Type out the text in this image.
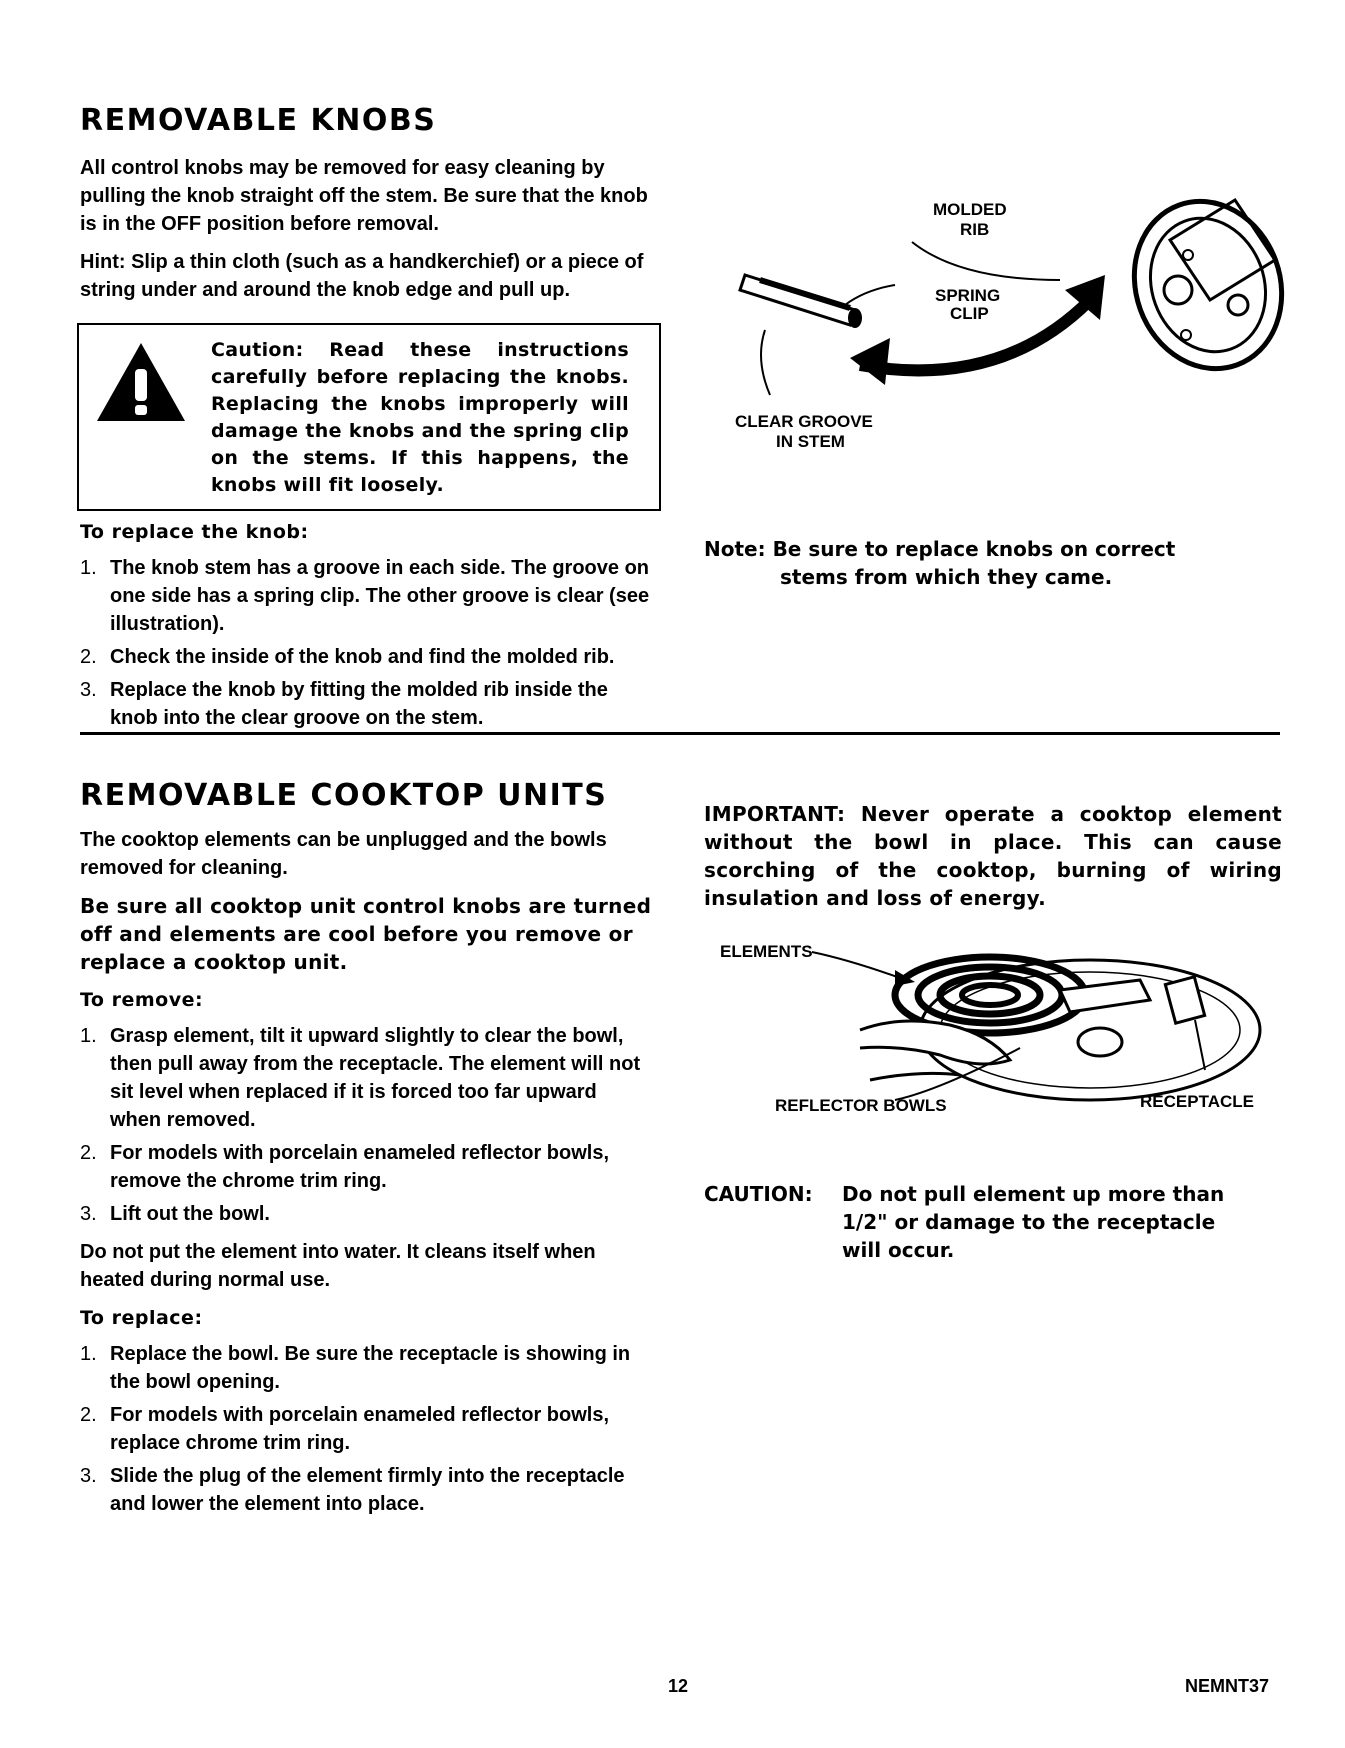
REMOVABLE KNOBS

All control knobs may be removed for easy cleaning by pulling the knob straight off the stem. Be sure that the knob is in the OFF position before removal.

Hint: Slip a thin cloth (such as a handkerchief) or a piece of string under and around the knob edge and pull up.

Caution: Read these instructions carefully before replacing the knobs. Replacing the knobs improperly will damage the knobs and the spring clip on the stems. If this happens, the knobs will fit loosely.
To replace the knob:
1. The knob stem has a groove in each side. The groove on one side has a spring clip. The other groove is clear (see illustration).
2. Check the inside of the knob and find the molded rib.
3. Replace the knob by fitting the molded rib inside the knob into the clear groove on the stem.
MOLDED
RIB
SPRING
CLIP
CLEAR GROOVE
IN STEM
Note: Be sure to replace knobs on correct
stems from which they came.
REMOVABLE COOKTOP UNITS

The cooktop elements can be unplugged and the bowls removed for cleaning.

Be sure all cooktop unit control knobs are turned off and elements are cool before you remove or replace a cooktop unit.

To remove:
1. Grasp element, tilt it upward slightly to clear the bowl, then pull away from the receptacle. The element will not sit level when replaced if it is forced too far upward when removed.
2. For models with porcelain enameled reflector bowls, remove the chrome trim ring.
3. Lift out the bowl.

Do not put the element into water. It cleans itself when heated during normal use.

To replace:
1. Replace the bowl. Be sure the receptacle is showing in the bowl opening.
2. For models with porcelain enameled reflector bowls, replace chrome trim ring.
3. Slide the plug of the element firmly into the receptacle and lower the element into place.
IMPORTANT: Never operate a cooktop element without the bowl in place. This can cause scorching of the cooktop, burning of wiring insulation and loss of energy.
ELEMENTS
REFLECTOR BOWLS	RECEPTACLE
CAUTION: Do not pull element up more than
1/2" or damage to the receptacle
will occur.
12	NEMNT37
